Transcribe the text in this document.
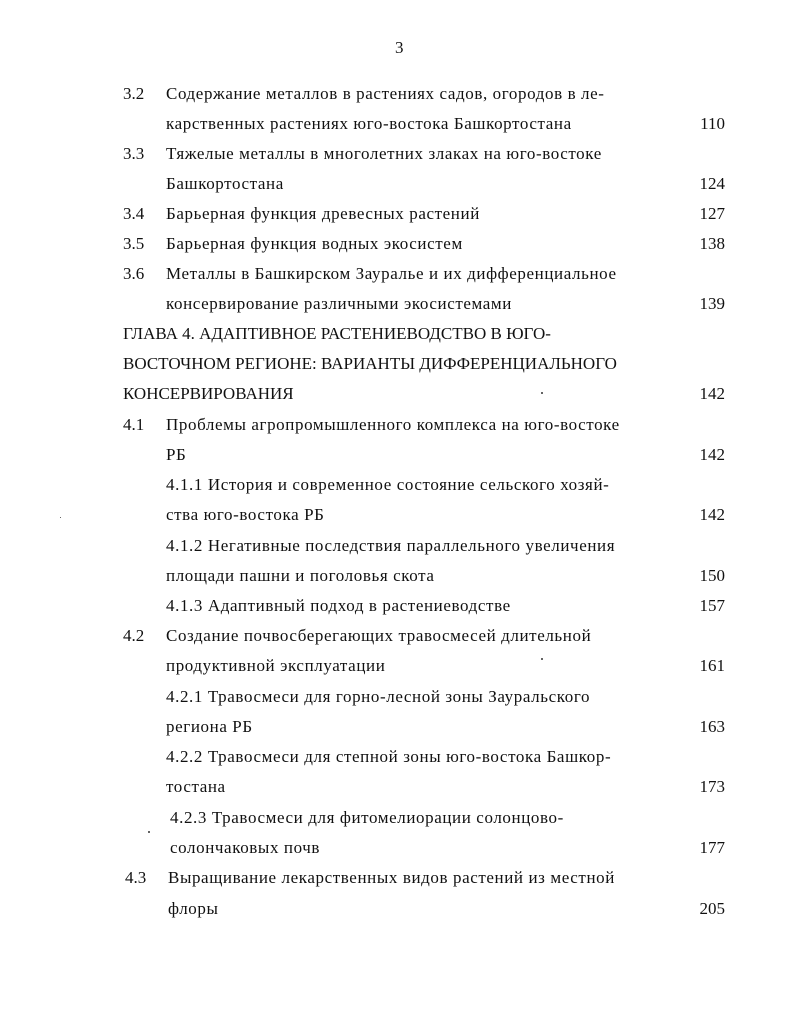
3
3.2 Содержание металлов в растениях садов, огородов в ле-
карственных растениях юго-востока Башкортостана	110
3.3 Тяжелые металлы в многолетних злаках на юго-востоке
Башкортостана	124
3.4 Барьерная функция древесных растений	127
3.5 Барьерная функция водных экосистем	138
3.6 Металлы в Башкирском Зауралье и их дифференциальное
консервирование различными экосистемами	139
ГЛАВА 4. АДАПТИВНОЕ РАСТЕНИЕВОДСТВО В ЮГО-
ВОСТОЧНОМ РЕГИОНЕ: ВАРИАНТЫ ДИФФЕРЕНЦИАЛЬНОГО
КОНСЕРВИРОВАНИЯ	142
4.1 Проблемы агропромышленного комплекса на юго-востоке
РБ	142
4.1.1 История и современное состояние сельского хозяй-
ства юго-востока РБ	142
4.1.2 Негативные последствия параллельного увеличения
площади пашни и поголовья скота	150
4.1.3 Адаптивный подход в растениеводстве	157
4.2 Создание почвосберегающих травосмесей длительной
продуктивной эксплуатации	161
4.2.1 Травосмеси для горно-лесной зоны Зауральского
региона РБ	163
4.2.2 Травосмеси для степной зоны юго-востока Башкор-
тостана	173
4.2.3 Травосмеси для фитомелиорации солонцово-
солончаковых почв	177
4.3 Выращивание лекарственных видов растений из местной
флоры	205
